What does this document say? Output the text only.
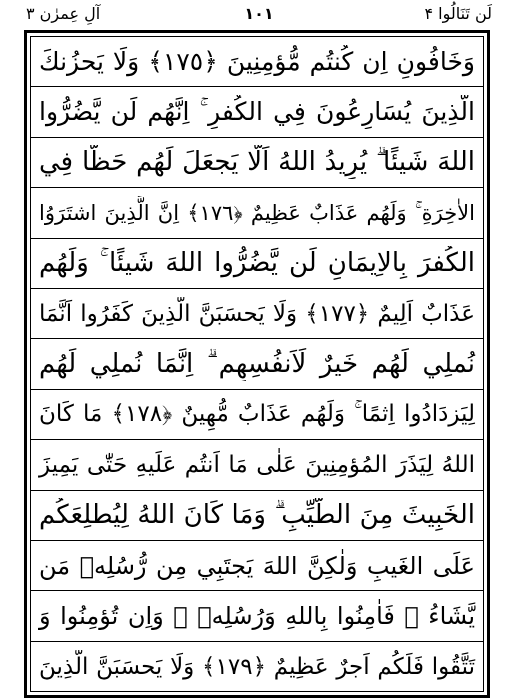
آلِ عِمرٰن ۳	١٠١	لَن تَنَالُوا ۴
وَخَافُونِ اِن كُنتُم مُّؤمِنِينَ ﴿١٧٥﴾ وَلَا يَحزُنكَ
الَّذِينَ يُسَارِعُونَ فِي الكُفرِ ۚ اِنَّهُم لَن يَّضُرُّوا
اللهَ شَيئًا ۗ يُرِيدُ اللهُ اَلَّا يَجعَلَ لَهُم حَظًّا فِي
الاٰخِرَةِ ۚ وَلَهُم عَذَابٌ عَظِيمٌ ﴿١٧٦﴾ اِنَّ الَّذِينَ اشتَرَوُا
الكُفرَ بِالاِيمَانِ لَن يَّضُرُّوا اللهَ شَيئًا ۚ وَلَهُم
عَذَابٌ اَلِيمٌ ﴿١٧٧﴾ وَلَا يَحسَبَنَّ الَّذِينَ كَفَرُوا اَنَّمَا
نُملِي لَهُم خَيرٌ لِّاَنفُسِهِم ۗ اِنَّمَا نُملِي لَهُم
لِيَزدَادُوا اِثمًا ۚ وَلَهُم عَذَابٌ مُّهِينٌ ﴿١٧٨﴾ مَا كَانَ
اللهُ لِيَذَرَ المُؤمِنِينَ عَلٰى مَا اَنتُم عَلَيهِ حَتّٰى يَمِيزَ
الخَبِيثَ مِنَ الطَّيِّبِ ۗ وَمَا كَانَ اللهُ لِيُطلِعَكُم
عَلَى الغَيبِ وَلٰكِنَّ اللهَ يَجتَبِي مِن رُّسُلِهٖ مَن
يَّشَاءُ ۖ فَاٰمِنُوا بِاللهِ وَرُسُلِهٖ ۚ وَاِن تُؤمِنُوا وَ
تَتَّقُوا فَلَكُم اَجرٌ عَظِيمٌ ﴿١٧٩﴾ وَلَا يَحسَبَنَّ الَّذِينَ
